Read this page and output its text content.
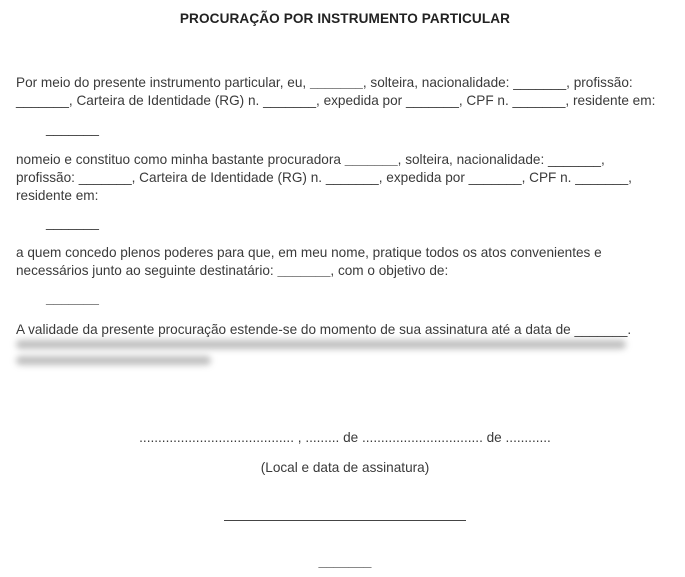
PROCURAÇÃO POR INSTRUMENTO PARTICULAR

Por meio do presente instrumento particular, eu, _______, solteira, nacionalidade: _______, profissão: _______, Carteira de Identidade (RG) n. _______, expedida por _______, CPF n. _______, residente em:

_______

nomeio e constituo como minha bastante procuradora _______, solteira, nacionalidade: _______, profissão: _______, Carteira de Identidade (RG) n. _______, expedida por _______, CPF n. _______, residente em:

_______

a quem concedo plenos poderes para que, em meu nome, pratique todos os atos convenientes e necessários junto ao seguinte destinatário: _______, com o objetivo de:

_______

A validade da presente procuração estende-se do momento de sua assinatura até a data de _______.

......................................... , ......... de ................................ de ............
(Local e data de assinatura)
_______
